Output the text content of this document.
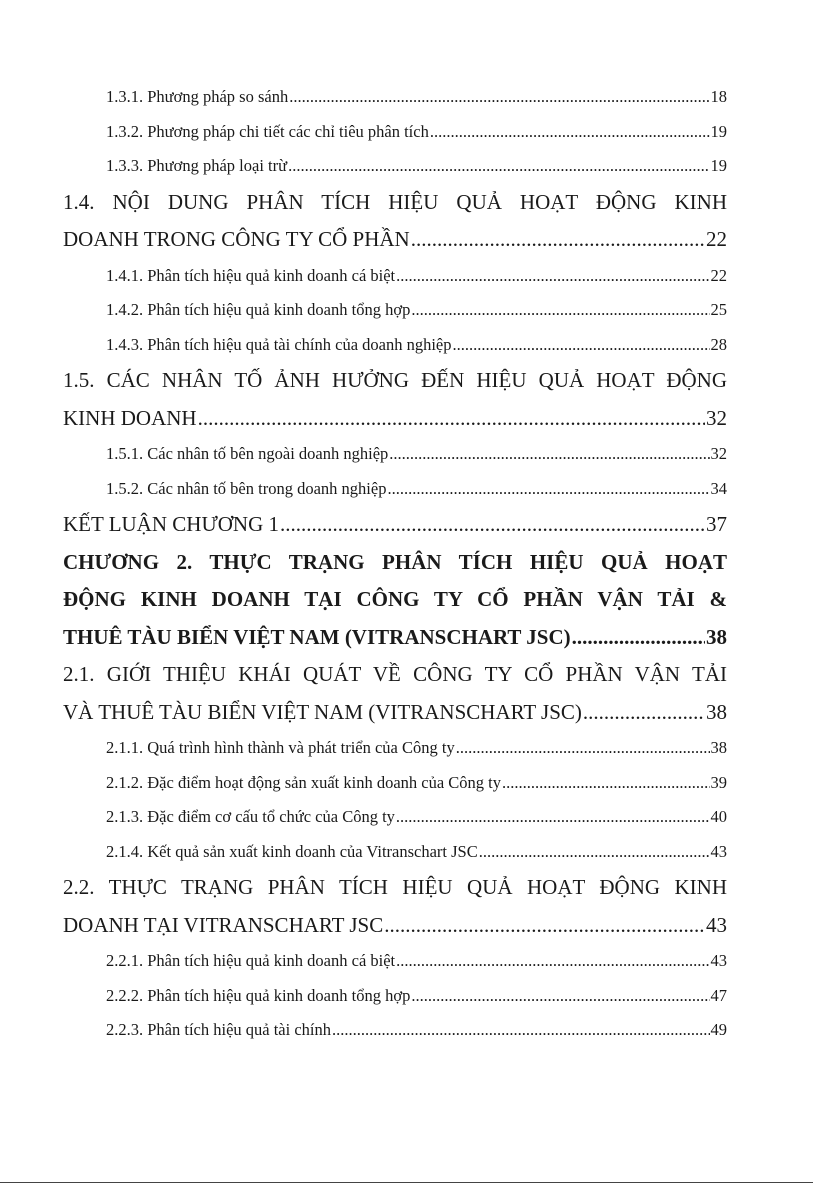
1.3.1. Phương pháp so sánh .....	18
1.3.2. Phương pháp chi tiết các chỉ tiêu phân tích .....	19
1.3.3. Phương pháp loại trừ .....	19
1.4. NỘI DUNG PHÂN TÍCH HIỆU QUẢ HOẠT ĐỘNG KINH
DOANH TRONG CÔNG TY CỔ PHẦN .....	22
1.4.1. Phân tích hiệu quả kinh doanh cá biệt .....	22
1.4.2. Phân tích hiệu quả kinh doanh tổng hợp .....	25
1.4.3. Phân tích hiệu quả tài chính của doanh nghiệp .....	28
1.5. CÁC NHÂN TỐ ẢNH HƯỞNG ĐẾN HIỆU QUẢ HOẠT ĐỘNG
KINH DOANH .....	32
1.5.1. Các nhân tố bên ngoài doanh nghiệp .....	32
1.5.2. Các nhân tố bên trong doanh nghiệp .....	34
KẾT LUẬN CHƯƠNG 1 .....	37
CHƯƠNG 2. THỰC TRẠNG PHÂN TÍCH HIỆU QUẢ HOẠT
ĐỘNG KINH DOANH TẠI CÔNG TY CỔ PHẦN VẬN TẢI &
THUÊ TÀU BIỂN VIỆT NAM (VITRANSCHART JSC) .....	38
2.1. GIỚI THIỆU KHÁI QUÁT VỀ CÔNG TY CỔ PHẦN VẬN TẢI
VÀ THUÊ TÀU BIỂN VIỆT NAM (VITRANSCHART JSC) .....	38
2.1.1. Quá trình hình thành và phát triển của Công ty .....	38
2.1.2. Đặc điểm hoạt động sản xuất kinh doanh của Công ty .....	39
2.1.3. Đặc điểm cơ cấu tổ chức của Công ty .....	40
2.1.4. Kết quả sản xuất kinh doanh của Vitranschart JSC .....	43
2.2. THỰC TRẠNG PHÂN TÍCH HIỆU QUẢ HOẠT ĐỘNG KINH
DOANH TẠI VITRANSCHART JSC .....	43
2.2.1. Phân tích hiệu quả kinh doanh cá biệt .....	43
2.2.2. Phân tích hiệu quả kinh doanh tổng hợp .....	47
2.2.3. Phân tích hiệu quả tài chính .....	49
